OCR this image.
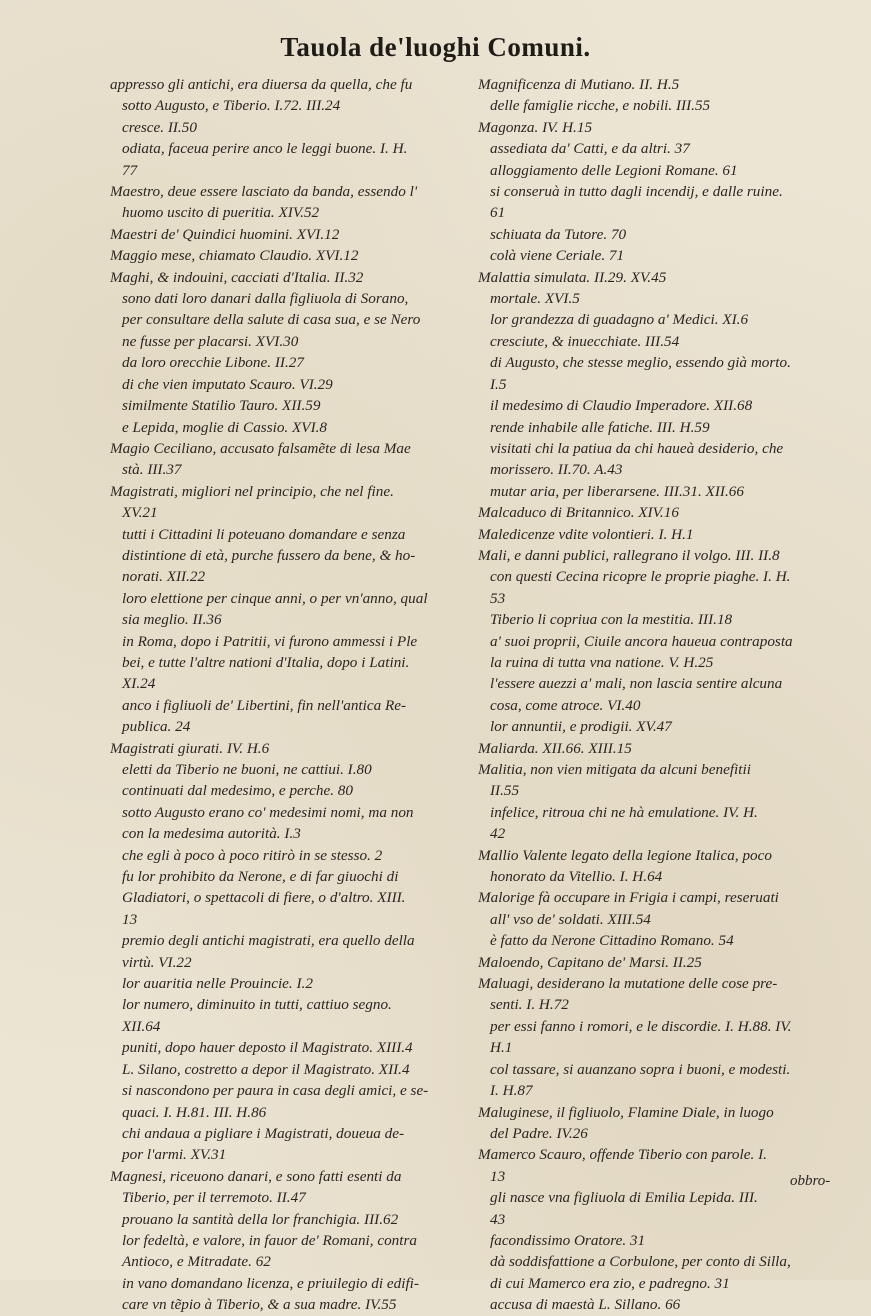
Tauola de'luoghi Comuni.
appresso gli antichi, era diuersa da quella, che fu
sotto Augusto, e Tiberio. I.72. III.24
cresce. II.50
odiata, faceua perire anco le leggi buone. I. H.
77
Maestro, deue essere lasciato da banda, essendo l'
huomo uscito di pueritia. XIV.52
Maestri de' Quindici huomini. XVI.12
Maggio mese, chiamato Claudio. XVI.12
Maghi, & indouini, cacciati d'Italia. II.32
sono dati loro danari dalla figliuola di Sorano,
per consultare della salute di casa sua, e se Nero
ne fusse per placarsi. XVI.30
da loro orecchie Libone. II.27
di che vien imputato Scauro. VI.29
similmente Statilio Tauro. XII.59
e Lepida, moglie di Cassio. XVI.8
Magio Ceciliano, accusato falsamẽte di lesa Mae
stà. III.37
Magistrati, migliori nel principio, che nel fine.
XV.21
tutti i Cittadini li poteuano domandare e senza
distintione di età, purche fussero da bene, & ho-
norati. XII.22
loro elettione per cinque anni, o per vn'anno, qual
sia meglio. II.36
in Roma, dopo i Patritii, vi furono ammessi i Ple
bei, e tutte l'altre nationi d'Italia, dopo i Latini.
XI.24
anco i figliuoli de' Libertini, fin nell'antica Re-
publica. 24
Magistrati giurati. IV. H.6
eletti da Tiberio ne buoni, ne cattiui. I.80
continuati dal medesimo, e perche. 80
sotto Augusto erano co' medesimi nomi, ma non
con la medesima autorità. I.3
che egli à poco à poco ritirò in se stesso. 2
fu lor prohibito da Nerone, e di far giuochi di
Gladiatori, o spettacoli di fiere, o d'altro. XIII.
13
premio degli antichi magistrati, era quello della
virtù. VI.22
lor auaritia nelle Prouincie. I.2
lor numero, diminuito in tutti, cattiuo segno.
XII.64
puniti, dopo hauer deposto il Magistrato. XIII.4
L. Silano, costretto a depor il Magistrato. XII.4
si nascondono per paura in casa degli amici, e se-
quaci. I. H.81. III. H.86
chi andaua a pigliare i Magistrati, doueua de-
por l'armi. XV.31
Magnesi, riceuono danari, e sono fatti esenti da
Tiberio, per il terremoto. II.47
prouano la santità della lor franchigia. III.62
lor fedeltà, e valore, in fauor de' Romani, contra
Antioco, e Mitradate. 62
in vano domandano licenza, e priuilegio di edifi-
care vn tẽpio à Tiberio, & a sua madre. IV.55
Magnificenza di Mutiano. II. H.5
delle famiglie ricche, e nobili. III.55
Magonza. IV. H.15
assediata da' Catti, e da altri. 37
alloggiamento delle Legioni Romane. 61
si conseruà in tutto dagli incendij, e dalle ruine.
61
schiuata da Tutore. 70
colà viene Ceriale. 71
Malattia simulata. II.29. XV.45
mortale. XVI.5
lor grandezza di guadagno a' Medici. XI.6
cresciute, & inuecchiate. III.54
di Augusto, che stesse meglio, essendo già morto.
I.5
il medesimo di Claudio Imperadore. XII.68
rende inhabile alle fatiche. III. H.59
visitati chi la patiua da chi haueà desiderio, che
morissero. II.70. A.43
mutar aria, per liberarsene. III.31. XII.66
Malcaduco di Britannico. XIV.16
Maledicenze vdite volontieri. I. H.1
Mali, e danni publici, rallegrano il volgo. III. II.8
con questi Cecina ricopre le proprie piaghe. I. H.
53
Tiberio li copriua con la mestitia. III.18
a' suoi proprii, Ciuile ancora haueua contraposta
la ruina di tutta vna natione. V. H.25
l'essere auezzi a' mali, non lascia sentire alcuna
cosa, come atroce. VI.40
lor annuntii, e prodigii. XV.47
Maliarda. XII.66. XIII.15
Malitia, non vien mitigata da alcuni benefitii
II.55
infelice, ritroua chi ne hà emulatione. IV. H.
42
Mallio Valente legato della legione Italica, poco
honorato da Vitellio. I. H.64
Malorige fà occupare in Frigia i campi, reseruati
all' vso de' soldati. XIII.54
è fatto da Nerone Cittadino Romano. 54
Maloendo, Capitano de' Marsi. II.25
Maluagi, desiderano la mutatione delle cose pre-
senti. I. H.72
per essi fanno i romori, e le discordie. I. H.88. IV.
H.1
col tassare, si auanzano sopra i buoni, e modesti.
I. H.87
Maluginese, il figliuolo, Flamine Diale, in luogo
del Padre. IV.26
Mamerco Scauro, offende Tiberio con parole. I.
13
gli nasce vna figliuola di Emilia Lepida. III.
43
facondissimo Oratore. 31
dà soddisfattione a Corbulone, per conto di Silla,
di cui Mamerco era zio, e padregno. 31
accusa di maestà L. Sillano. 66
obbro-
